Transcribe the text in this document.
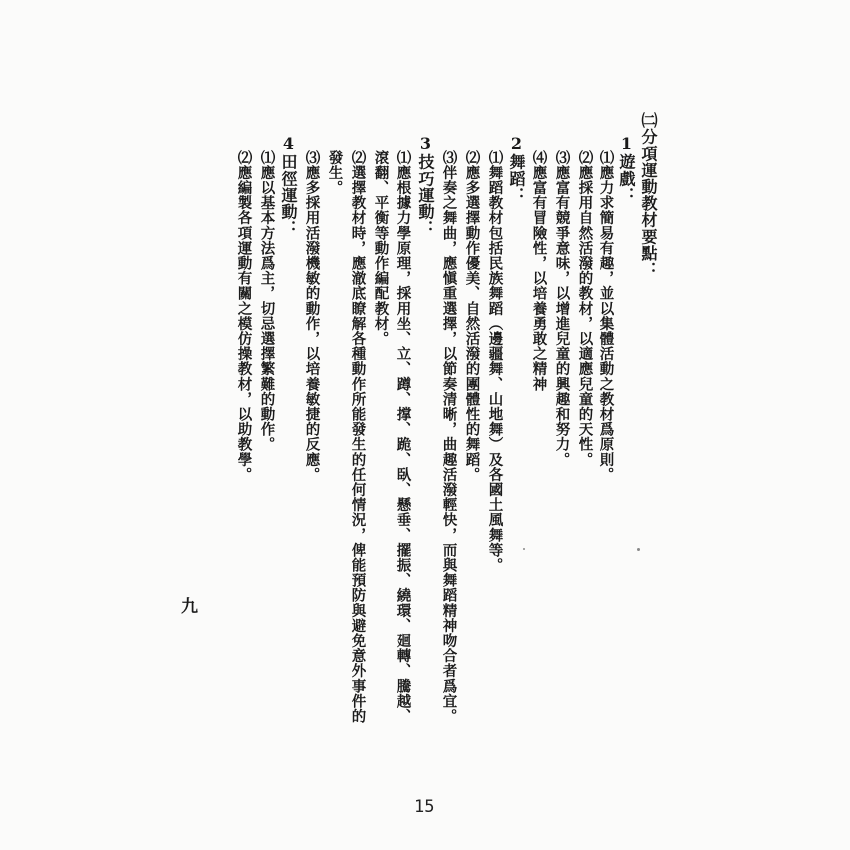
㈡分項運動教材要點：
1遊戲：
⑴應力求簡易有趣，並以集體活動之教材爲原則。
⑵應採用自然活潑的教材，以適應兒童的天性。
⑶應富有競爭意味，以增進兒童的興趣和努力。
⑷應富有冒險性，以培養勇敢之精神
2舞蹈：
⑴舞蹈教材包括民族舞蹈（邊疆舞、山地舞）及各國土風舞等。
⑵應多選擇動作優美、自然活潑的團體性的舞蹈。
⑶伴奏之舞曲，應愼重選擇，以節奏清晰，曲趣活潑輕快，而與舞蹈精神吻合者爲宜。
3技巧運動：
⑴應根據力學原理，採用坐、立、蹲、撑、跪、臥、懸垂、擺振、繞環、廻轉、騰越、
滾翻、平衡等動作編配教材。
⑵選擇教材時，應澈底瞭解各種動作所能發生的任何情況，俾能預防與避免意外事件的
發生。
⑶應多採用活潑機敏的動作，以培養敏捷的反應。
4田徑運動：
⑴應以基本方法爲主，切忌選擇繁難的動作。
⑵應編製各項運動有關之模仿操教材，以助教學。
九
15
